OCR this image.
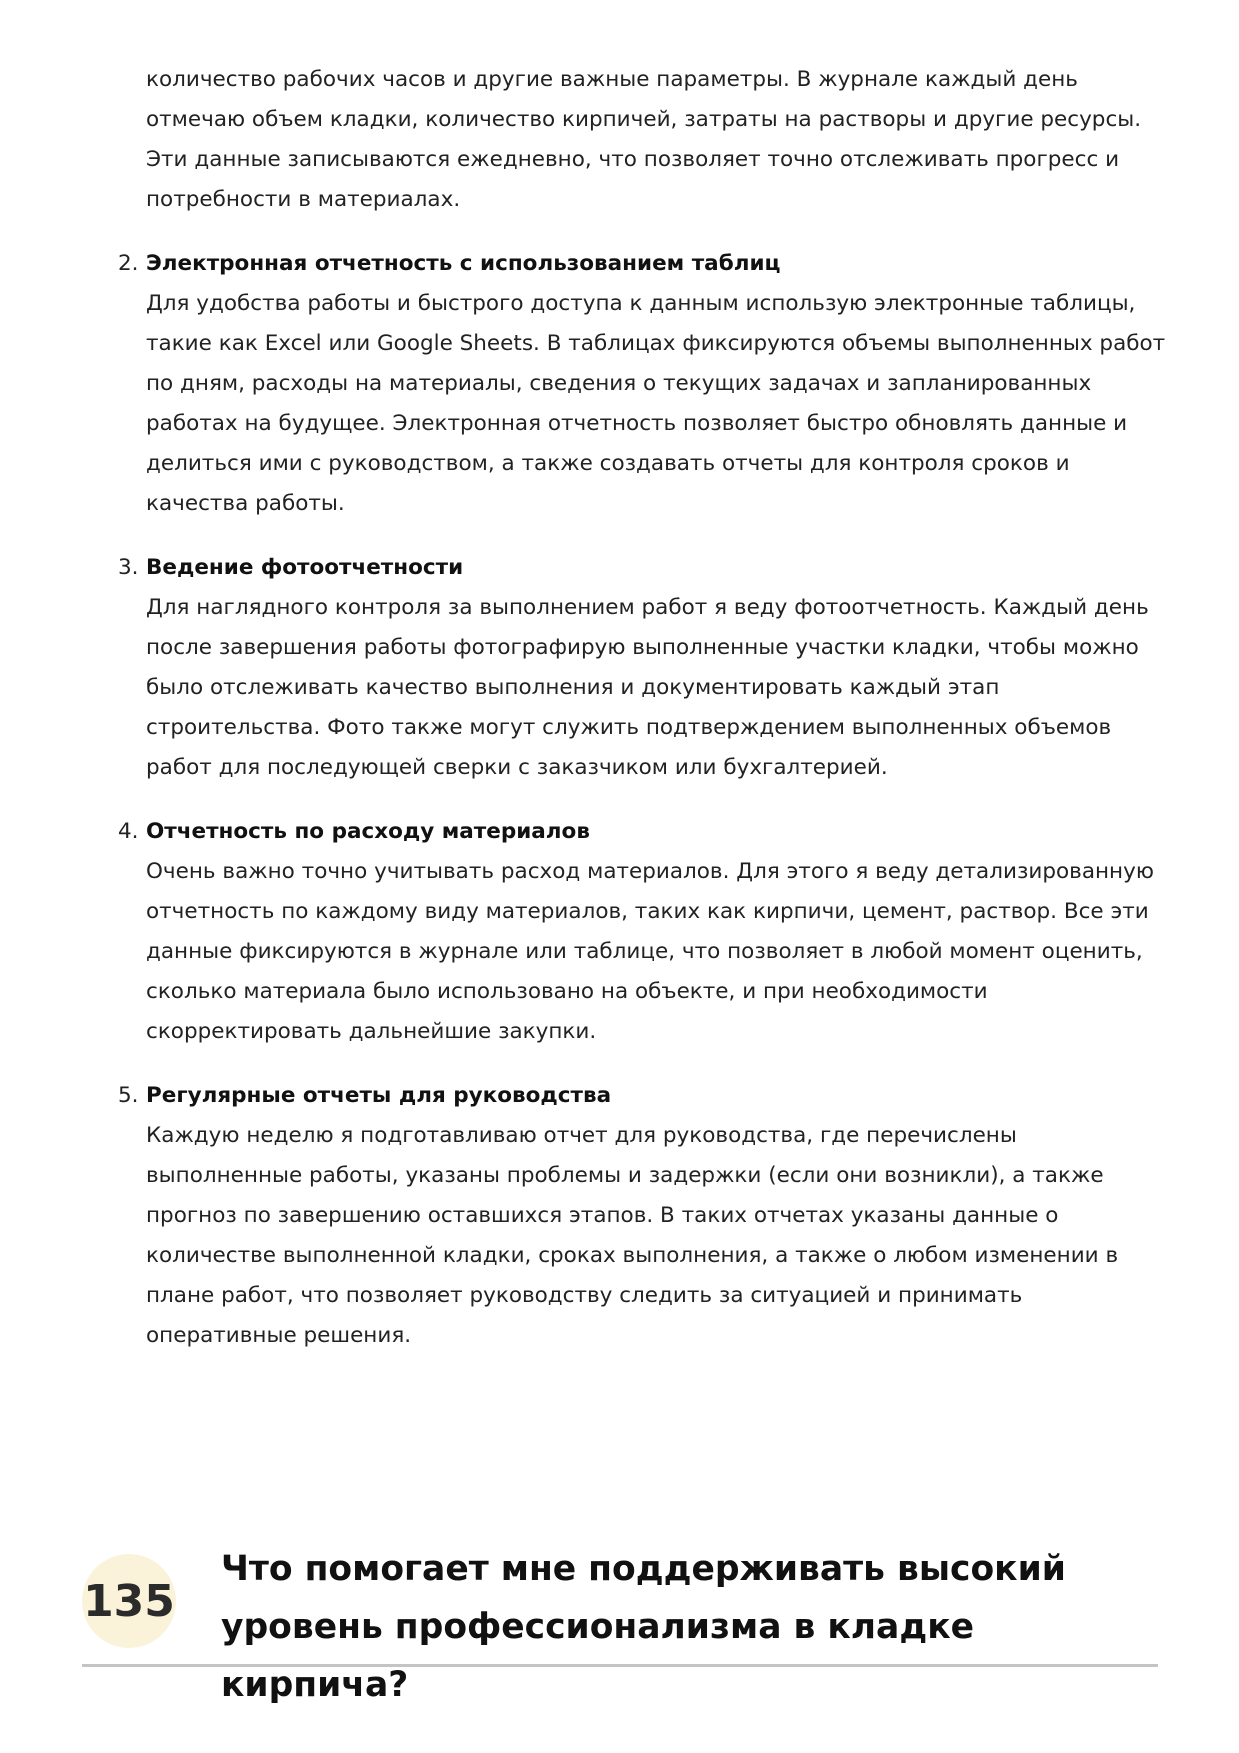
количество рабочих часов и другие важные параметры. В журнале каждый день отмечаю объем кладки, количество кирпичей, затраты на растворы и другие ресурсы. Эти данные записываются ежедневно, что позволяет точно отслеживать прогресс и потребности в материалах.

2. Электронная отчетность с использованием таблиц

Для удобства работы и быстрого доступа к данным использую электронные таблицы, такие как Excel или Google Sheets. В таблицах фиксируются объемы выполненных работ по дням, расходы на материалы, сведения о текущих задачах и запланированных работах на будущее. Электронная отчетность позволяет быстро обновлять данные и делиться ими с руководством, а также создавать отчеты для контроля сроков и качества работы.

3. Ведение фотоотчетности

Для наглядного контроля за выполнением работ я веду фотоотчетность. Каждый день после завершения работы фотографирую выполненные участки кладки, чтобы можно было отслеживать качество выполнения и документировать каждый этап строительства. Фото также могут служить подтверждением выполненных объемов работ для последующей сверки с заказчиком или бухгалтерией.

4. Отчетность по расходу материалов

Очень важно точно учитывать расход материалов. Для этого я веду детализированную отчетность по каждому виду материалов, таких как кирпичи, цемент, раствор. Все эти данные фиксируются в журнале или таблице, что позволяет в любой момент оценить, сколько материала было использовано на объекте, и при необходимости скорректировать дальнейшие закупки.

5. Регулярные отчеты для руководства

Каждую неделю я подготавливаю отчет для руководства, где перечислены выполненные работы, указаны проблемы и задержки (если они возникли), а также прогноз по завершению оставшихся этапов. В таких отчетах указаны данные о количестве выполненной кладки, сроках выполнения, а также о любом изменении в плане работ, что позволяет руководству следить за ситуацией и принимать оперативные решения.

135
Что помогает мне поддерживать высокий уровень профессионализма в кладке кирпича?
